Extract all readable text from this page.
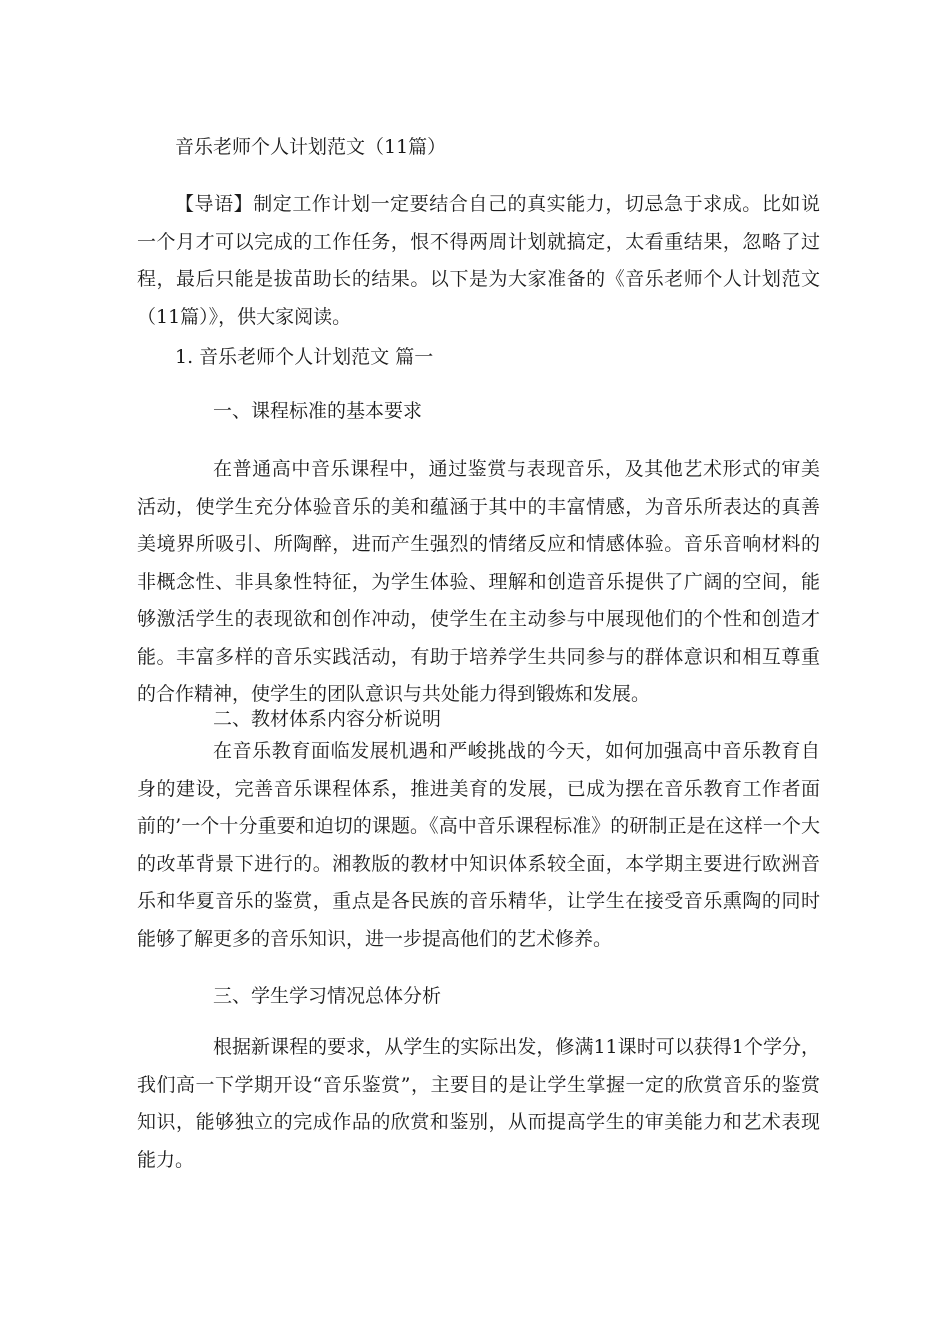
音乐老师个人计划范文（11篇）

【导语】制定工作计划一定要结合自己的真实能力，切忌急于求成。比如说一个月才可以完成的工作任务，恨不得两周计划就搞定，太看重结果，忽略了过程，最后只能是拔苗助长的结果。以下是为大家准备的《音乐老师个人计划范文（11篇）》，供大家阅读。

1. 音乐老师个人计划范文 篇一
一、课程标准的基本要求

在普通高中音乐课程中，通过鉴赏与表现音乐，及其他艺术形式的审美活动，使学生充分体验音乐的美和蕴涵于其中的丰富情感，为音乐所表达的真善美境界所吸引、所陶醉，进而产生强烈的情绪反应和情感体验。音乐音响材料的非概念性、非具象性特征，为学生体验、理解和创造音乐提供了广阔的空间，能够激活学生的表现欲和创作冲动，使学生在主动参与中展现他们的个性和创造才能。丰富多样的音乐实践活动，有助于培养学生共同参与的群体意识和相互尊重的合作精神，使学生的团队意识与共处能力得到锻炼和发展。

二、教材体系内容分析说明

在音乐教育面临发展机遇和严峻挑战的今天，如何加强高中音乐教育自身的建设，完善音乐课程体系，推进美育的发展，已成为摆在音乐教育工作者面前的’一个十分重要和迫切的课题。《高中音乐课程标准》的研制正是在这样一个大的改革背景下进行的。湘教版的教材中知识体系较全面，本学期主要进行欧洲音乐和华夏音乐的鉴赏，重点是各民族的音乐精华，让学生在接受音乐熏陶的同时能够了解更多的音乐知识，进一步提高他们的艺术修养。

三、学生学习情况总体分析

根据新课程的要求，从学生的实际出发，修满11课时可以获得1个学分，我们高一下学期开设“音乐鉴赏”，主要目的是让学生掌握一定的欣赏音乐的鉴赏知识，能够独立的完成作品的欣赏和鉴别，从而提高学生的审美能力和艺术表现能力。
